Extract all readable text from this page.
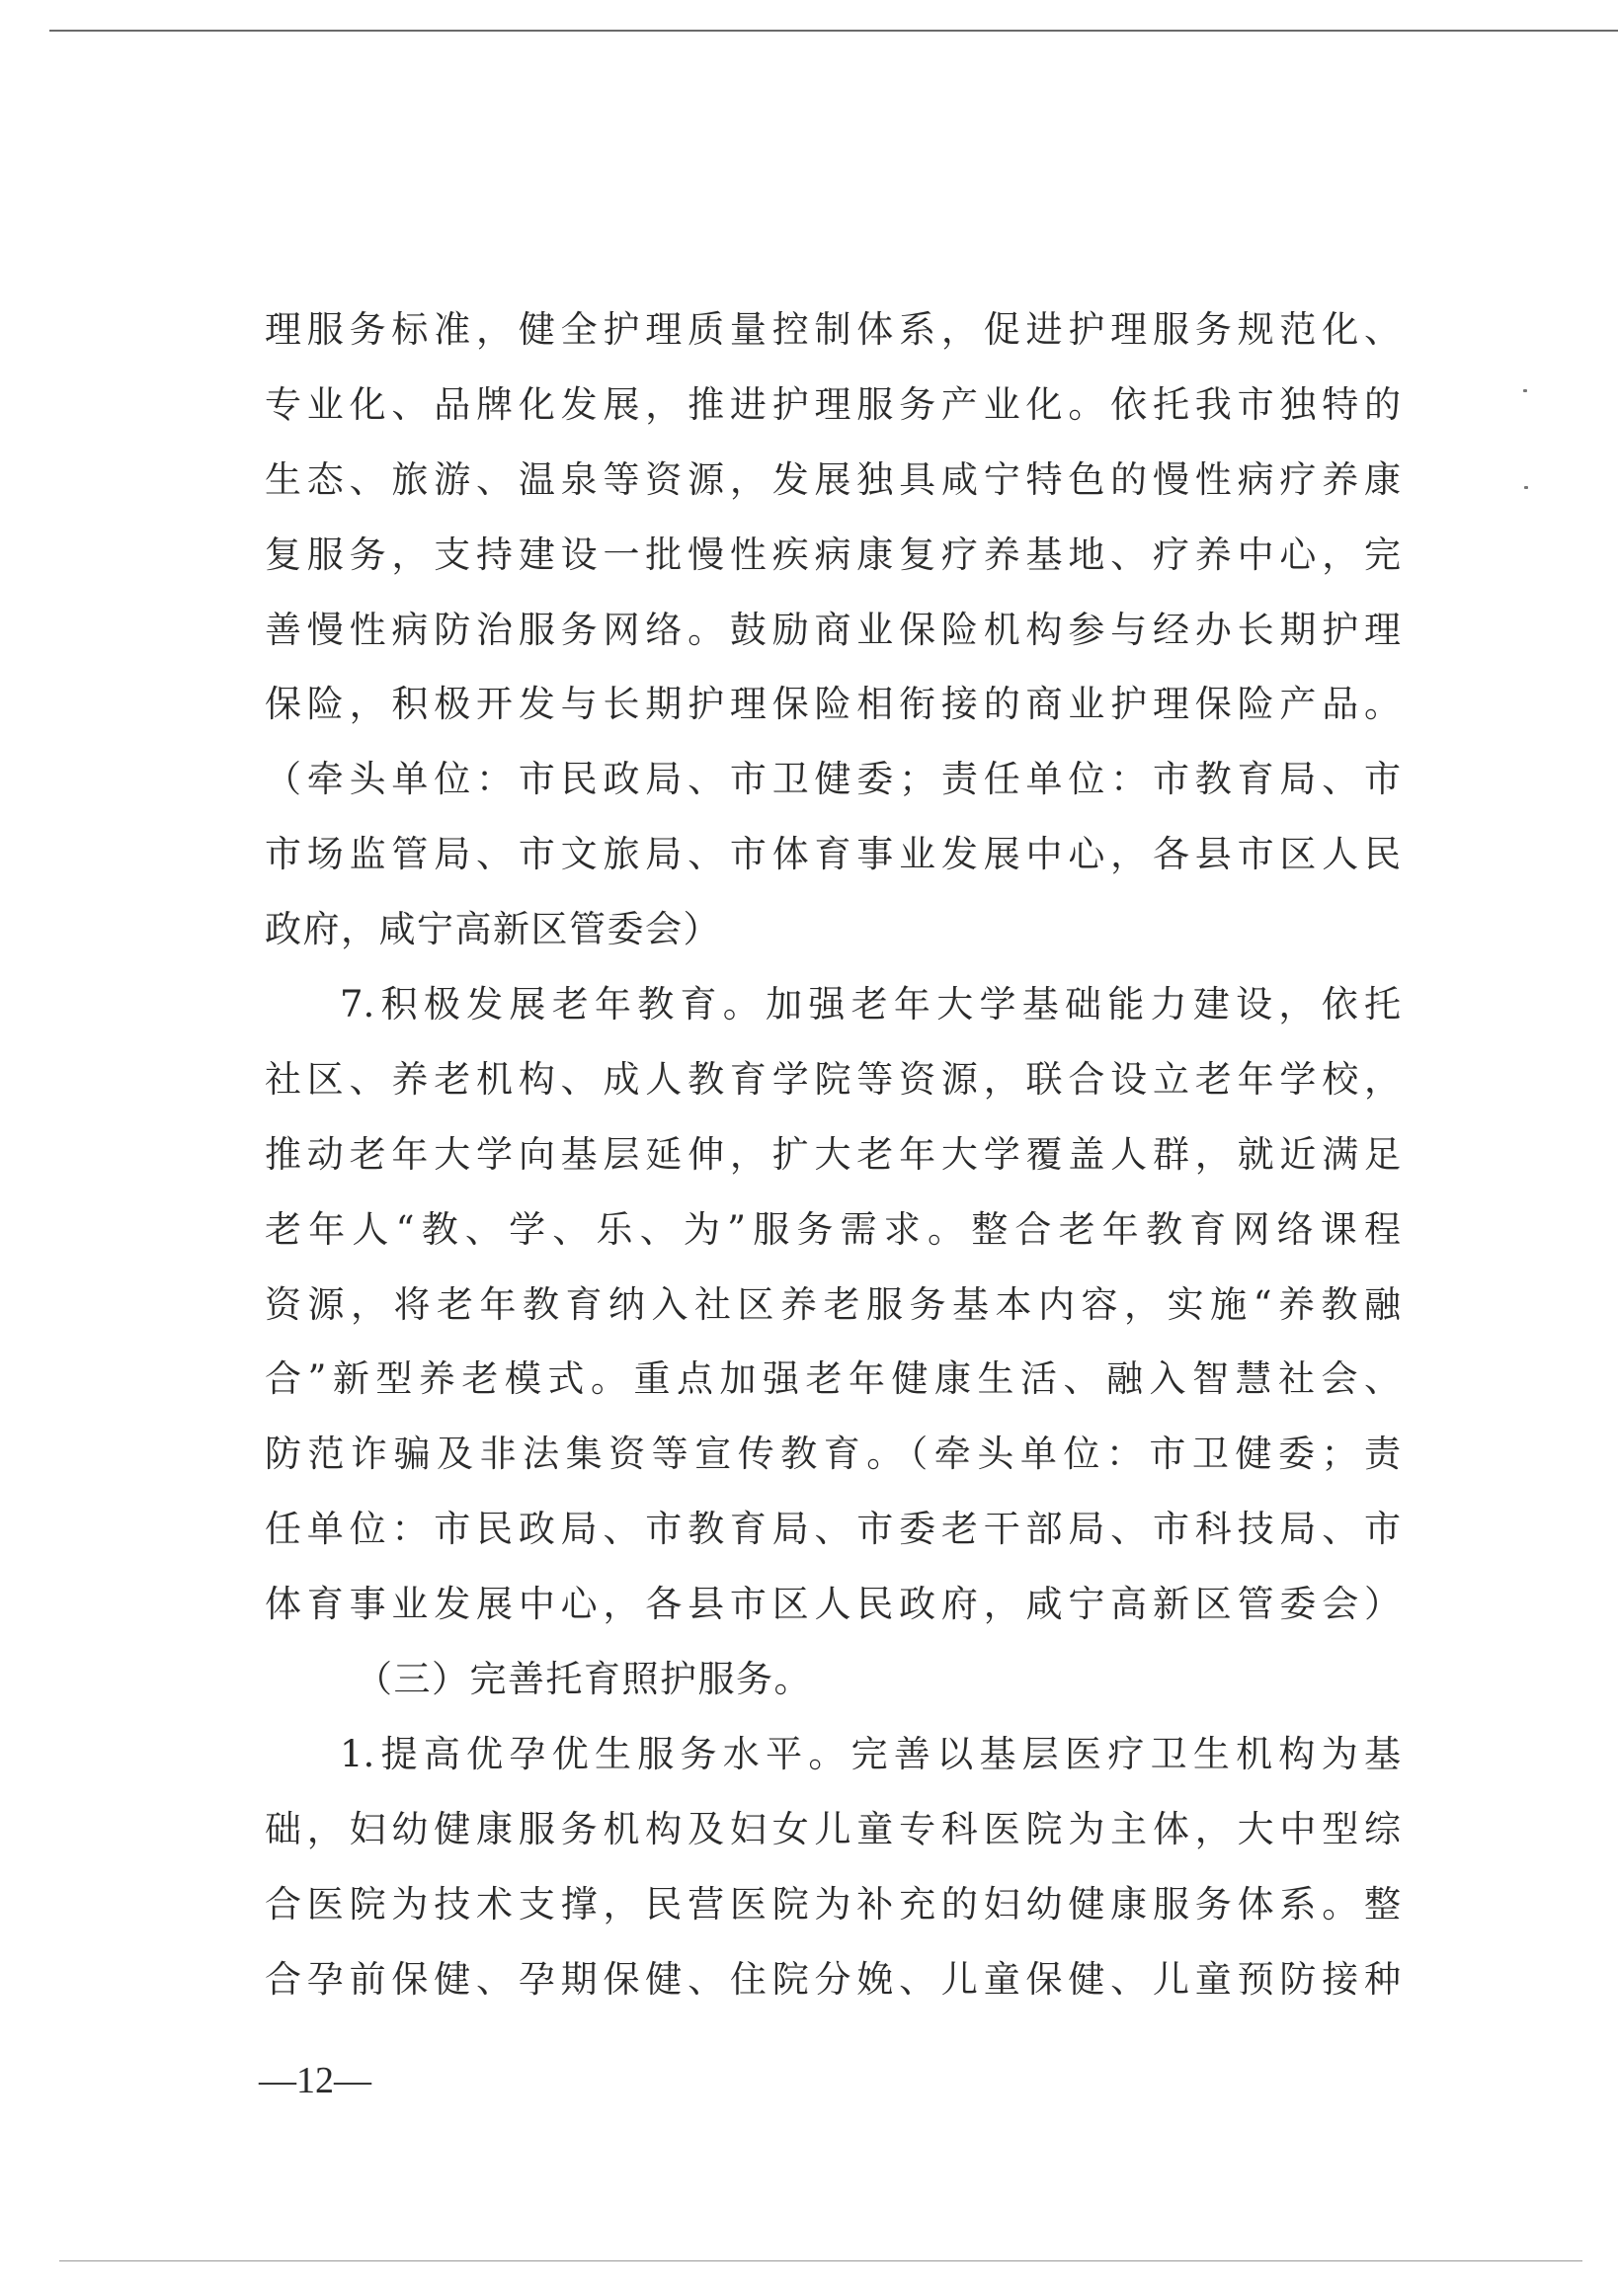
理服务标准，健全护理质量控制体系，促进护理服务规范化、
专业化、品牌化发展，推进护理服务产业化。依托我市独特的
生态、旅游、温泉等资源，发展独具咸宁特色的慢性病疗养康
复服务，支持建设一批慢性疾病康复疗养基地、疗养中心，完
善慢性病防治服务网络。鼓励商业保险机构参与经办长期护理
保险，积极开发与长期护理保险相衔接的商业护理保险产品。
（牵头单位：市民政局、市卫健委；责任单位：市教育局、市
市场监管局、市文旅局、市体育事业发展中心，各县市区人民
政府，咸宁高新区管委会）
7.积极发展老年教育。加强老年大学基础能力建设，依托
社区、养老机构、成人教育学院等资源，联合设立老年学校，
推动老年大学向基层延伸，扩大老年大学覆盖人群，就近满足
老年人“教、学、乐、为”服务需求。整合老年教育网络课程
资源，将老年教育纳入社区养老服务基本内容，实施“养教融
合”新型养老模式。重点加强老年健康生活、融入智慧社会、
防范诈骗及非法集资等宣传教育。（牵头单位：市卫健委；责
任单位：市民政局、市教育局、市委老干部局、市科技局、市
体育事业发展中心，各县市区人民政府，咸宁高新区管委会）
（三）完善托育照护服务。
1.提高优孕优生服务水平。完善以基层医疗卫生机构为基
础，妇幼健康服务机构及妇女儿童专科医院为主体，大中型综
合医院为技术支撑，民营医院为补充的妇幼健康服务体系。整
合孕前保健、孕期保健、住院分娩、儿童保健、儿童预防接种
—12—
